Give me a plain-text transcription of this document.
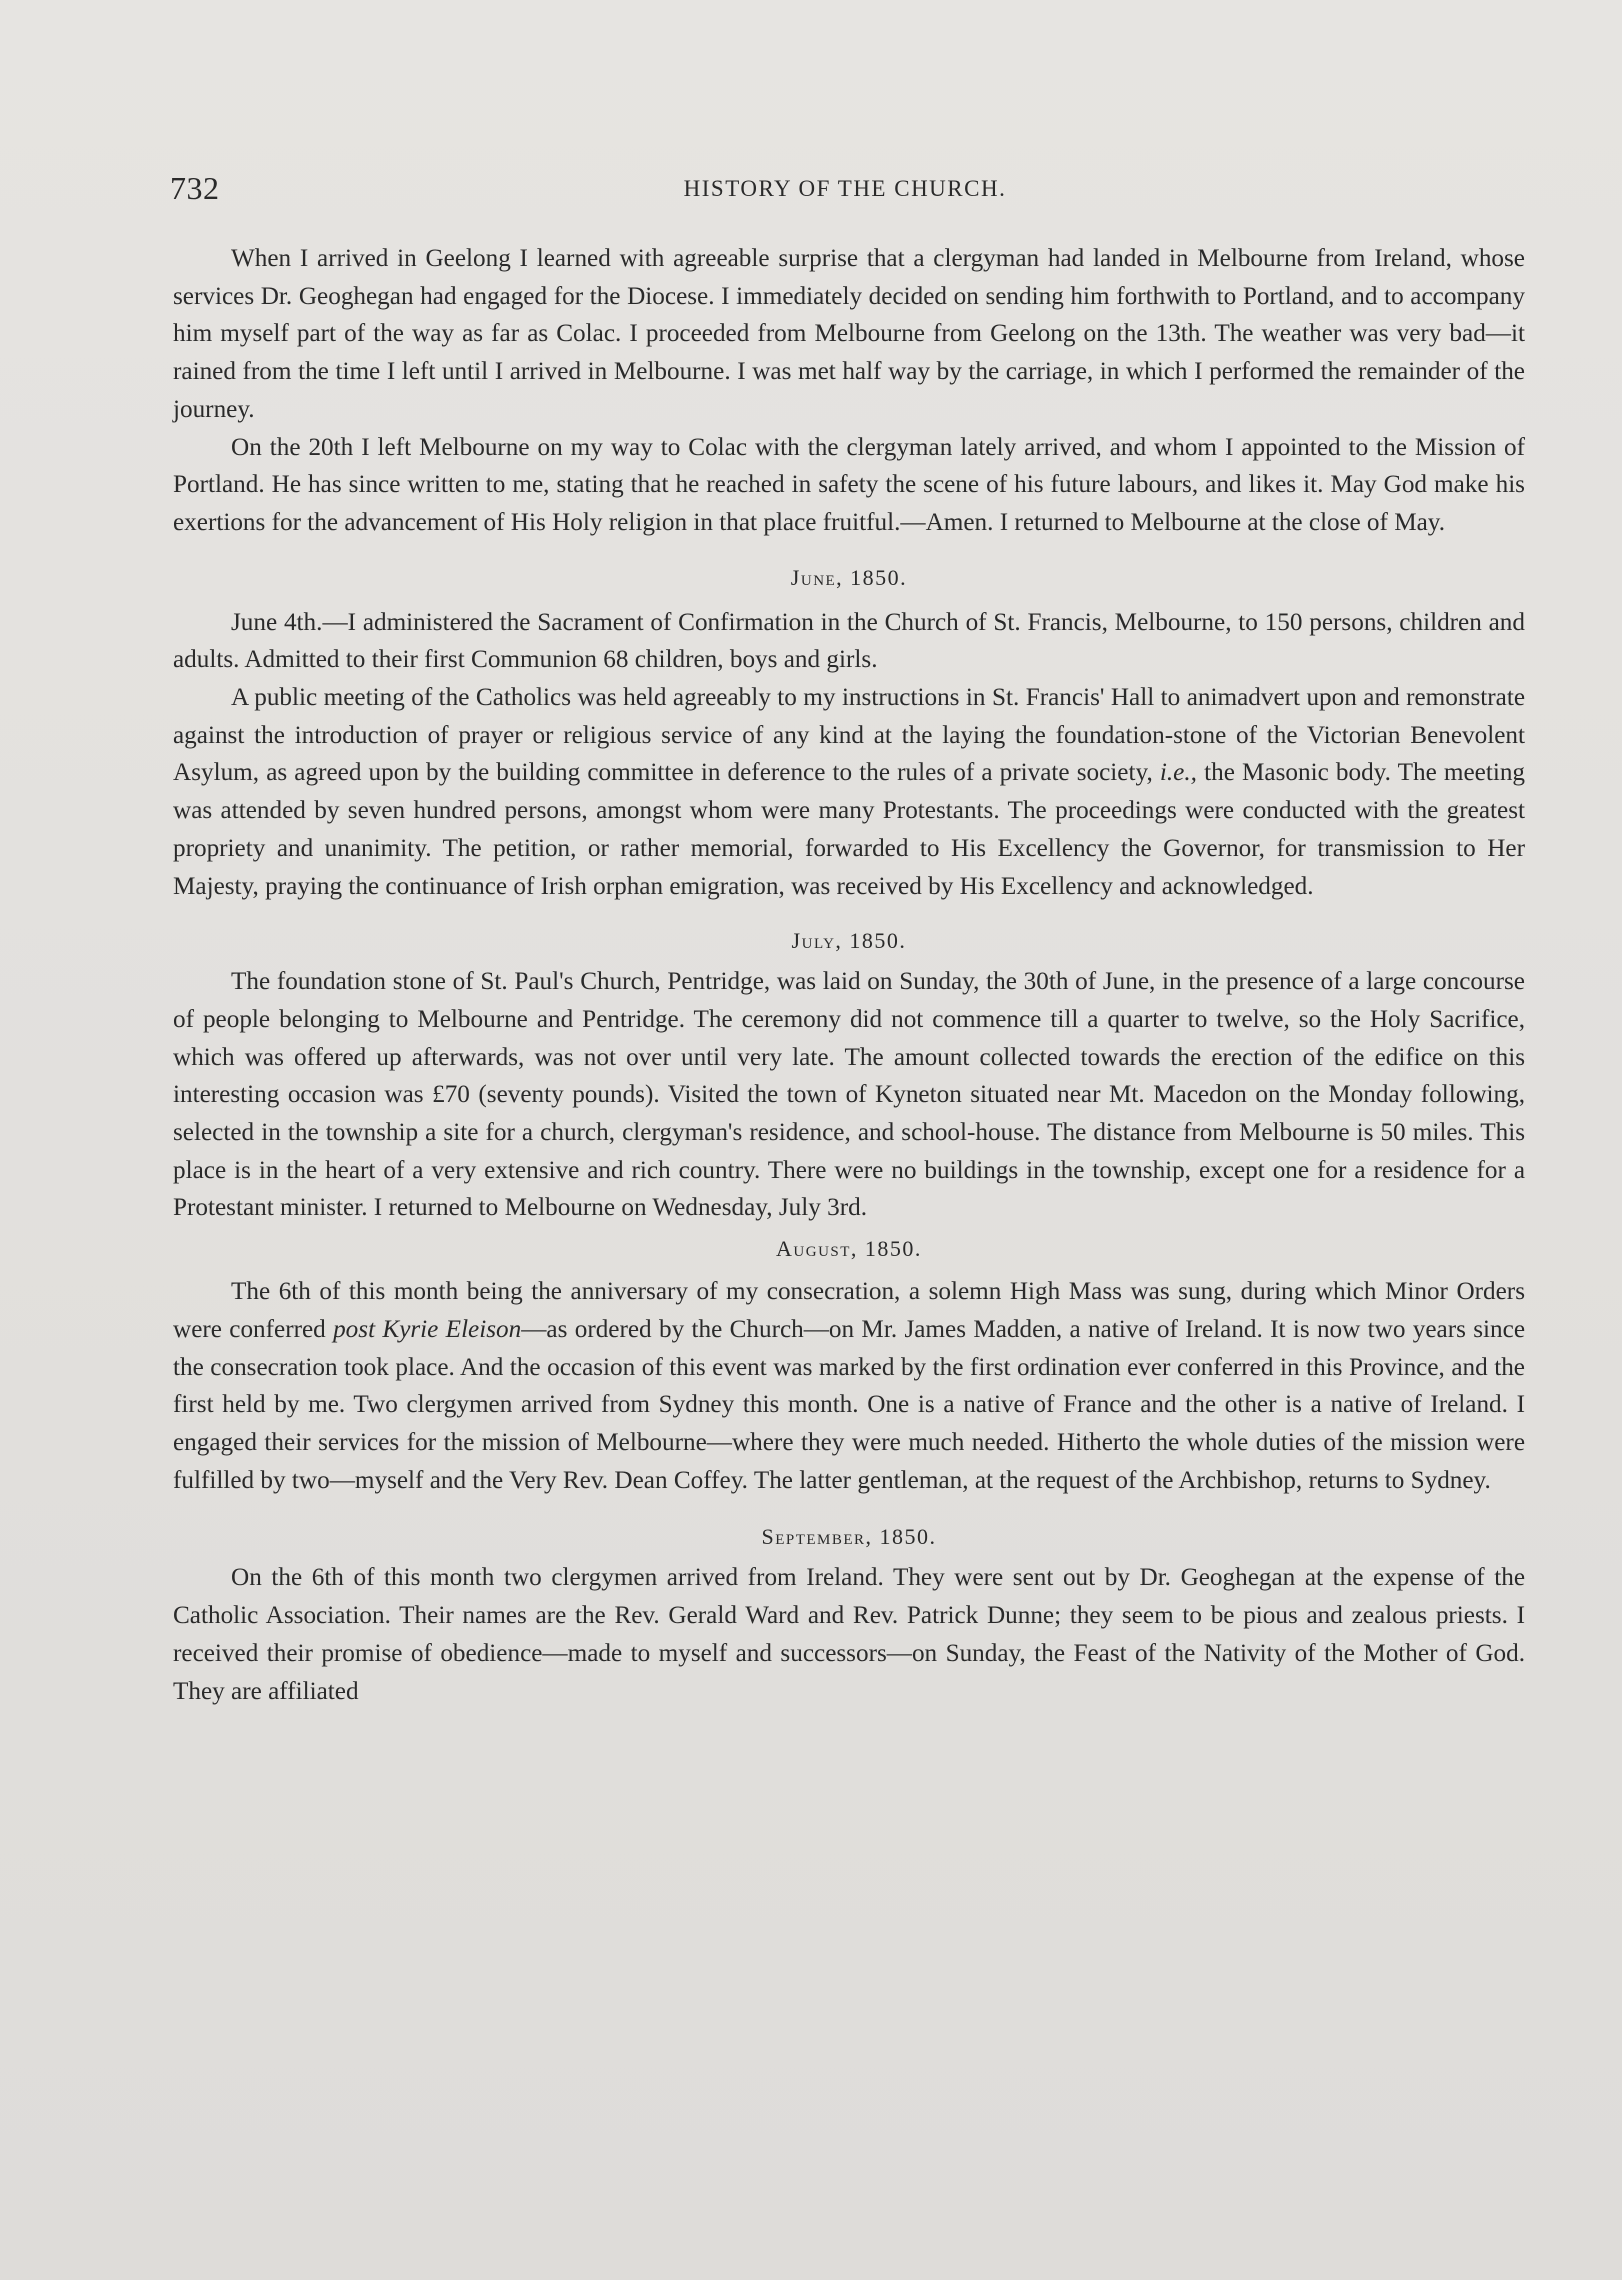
732	HISTORY OF THE CHURCH.

When I arrived in Geelong I learned with agreeable surprise that a clergyman had landed in Melbourne from Ireland, whose services Dr. Geoghegan had engaged for the Diocese. I immediately decided on sending him forthwith to Portland, and to accompany him myself part of the way as far as Colac. I proceeded from Melbourne from Geelong on the 13th. The weather was very bad—it rained from the time I left until I arrived in Melbourne. I was met half way by the carriage, in which I performed the remainder of the journey.

On the 20th I left Melbourne on my way to Colac with the clergyman lately arrived, and whom I appointed to the Mission of Portland. He has since written to me, stating that he reached in safety the scene of his future labours, and likes it. May God make his exertions for the advancement of His Holy religion in that place fruitful.—Amen. I returned to Melbourne at the close of May.

June, 1850.

June 4th.—I administered the Sacrament of Confirmation in the Church of St. Francis, Melbourne, to 150 persons, children and adults. Admitted to their first Communion 68 children, boys and girls.

A public meeting of the Catholics was held agreeably to my instructions in St. Francis' Hall to animadvert upon and remonstrate against the introduction of prayer or religious service of any kind at the laying the foundation-stone of the Victorian Benevolent Asylum, as agreed upon by the building committee in deference to the rules of a private society, i.e., the Masonic body. The meeting was attended by seven hundred persons, amongst whom were many Protestants. The proceedings were conducted with the greatest propriety and unanimity. The petition, or rather memorial, forwarded to His Excellency the Governor, for transmission to Her Majesty, praying the continuance of Irish orphan emigration, was received by His Excellency and acknowledged.

July, 1850.

The foundation stone of St. Paul's Church, Pentridge, was laid on Sunday, the 30th of June, in the presence of a large concourse of people belonging to Melbourne and Pentridge. The ceremony did not commence till a quarter to twelve, so the Holy Sacrifice, which was offered up afterwards, was not over until very late. The amount collected towards the erection of the edifice on this interesting occasion was £70 (seventy pounds). Visited the town of Kyneton situated near Mt. Macedon on the Monday following, selected in the township a site for a church, clergyman's residence, and school-house. The distance from Melbourne is 50 miles. This place is in the heart of a very extensive and rich country. There were no buildings in the township, except one for a residence for a Protestant minister. I returned to Melbourne on Wednesday, July 3rd.

August, 1850.

The 6th of this month being the anniversary of my consecration, a solemn High Mass was sung, during which Minor Orders were conferred post Kyrie Eleison—as ordered by the Church—on Mr. James Madden, a native of Ireland. It is now two years since the consecration took place. And the occasion of this event was marked by the first ordination ever conferred in this Province, and the first held by me. Two clergymen arrived from Sydney this month. One is a native of France and the other is a native of Ireland. I engaged their services for the mission of Melbourne—where they were much needed. Hitherto the whole duties of the mission were fulfilled by two—myself and the Very Rev. Dean Coffey. The latter gentleman, at the request of the Archbishop, returns to Sydney.

September, 1850.

On the 6th of this month two clergymen arrived from Ireland. They were sent out by Dr. Geoghegan at the expense of the Catholic Association. Their names are the Rev. Gerald Ward and Rev. Patrick Dunne; they seem to be pious and zealous priests. I received their promise of obedience—made to myself and successors—on Sunday, the Feast of the Nativity of the Mother of God. They are affiliated
